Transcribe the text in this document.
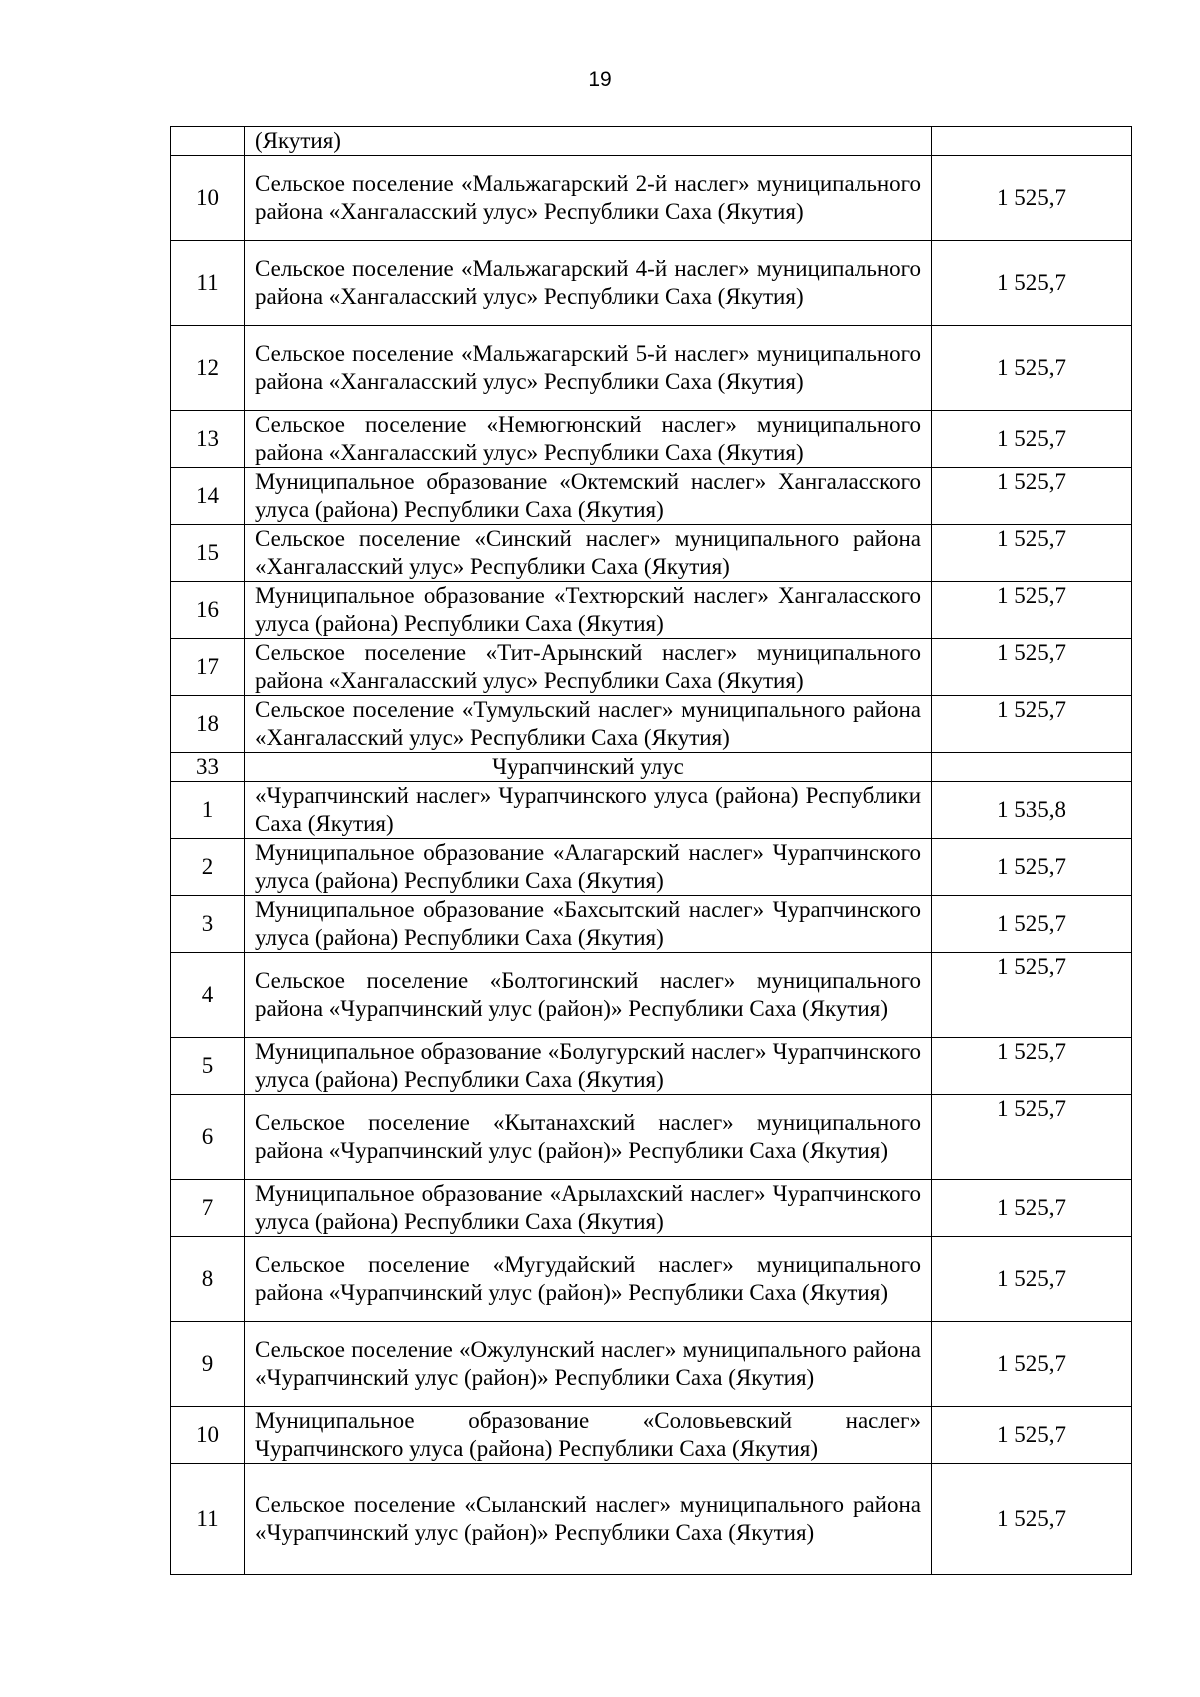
19
	(Якутия)	
10	Сельское поселение «Мальжагарский 2-й наслег» муниципального района «Хангаласский улус» Республики Саха (Якутия)	1 525,7
11	Сельское поселение «Мальжагарский 4-й наслег» муниципального района «Хангаласский улус» Республики Саха (Якутия)	1 525,7
12	Сельское поселение «Мальжагарский 5-й наслег» муниципального района «Хангаласский улус» Республики Саха (Якутия)	1 525,7
13	Сельское поселение «Немюгюнский наслег» муниципального района «Хангаласский улус» Республики Саха (Якутия)	1 525,7
14	Муниципальное образование «Октемский наслег» Хангаласского улуса (района) Республики Саха (Якутия)	1 525,7
15	Сельское поселение «Синский наслег» муниципального района «Хангаласский улус» Республики Саха (Якутия)	1 525,7
16	Муниципальное образование «Техтюрский наслег» Хангаласского улуса (района) Республики Саха (Якутия)	1 525,7
17	Сельское поселение «Тит-Арынский наслег» муниципального района «Хангаласский улус» Республики Саха (Якутия)	1 525,7
18	Сельское поселение «Тумульский наслег» муниципального района «Хангаласский улус» Республики Саха (Якутия)	1 525,7
33	Чурапчинский улус	
1	«Чурапчинский наслег» Чурапчинского улуса (района) Республики Саха (Якутия)	1 535,8
2	Муниципальное образование «Алагарский наслег» Чурапчинского улуса (района) Республики Саха (Якутия)	1 525,7
3	Муниципальное образование «Бахсытский наслег» Чурапчинского улуса (района) Республики Саха (Якутия)	1 525,7
4	Сельское поселение «Болтогинский наслег» муниципального района «Чурапчинский улус (район)» Республики Саха (Якутия)	1 525,7
5	Муниципальное образование «Болугурский наслег» Чурапчинского улуса (района) Республики Саха (Якутия)	1 525,7
6	Сельское поселение «Кытанахский наслег» муниципального района «Чурапчинский улус (район)» Республики Саха (Якутия)	1 525,7
7	Муниципальное образование «Арылахский наслег» Чурапчинского улуса (района) Республики Саха (Якутия)	1 525,7
8	Сельское поселение «Мугудайский наслег» муниципального района «Чурапчинский улус (район)» Республики Саха (Якутия)	1 525,7
9	Сельское поселение «Ожулунский наслег» муниципального района «Чурапчинский улус (район)» Республики Саха (Якутия)	1 525,7
10	Муниципальное образование «Соловьевский наслег» Чурапчинского улуса (района) Республики Саха (Якутия)	1 525,7
11	Сельское поселение «Сыланский наслег» муниципального района «Чурапчинский улус (район)» Республики Саха (Якутия)	1 525,7
